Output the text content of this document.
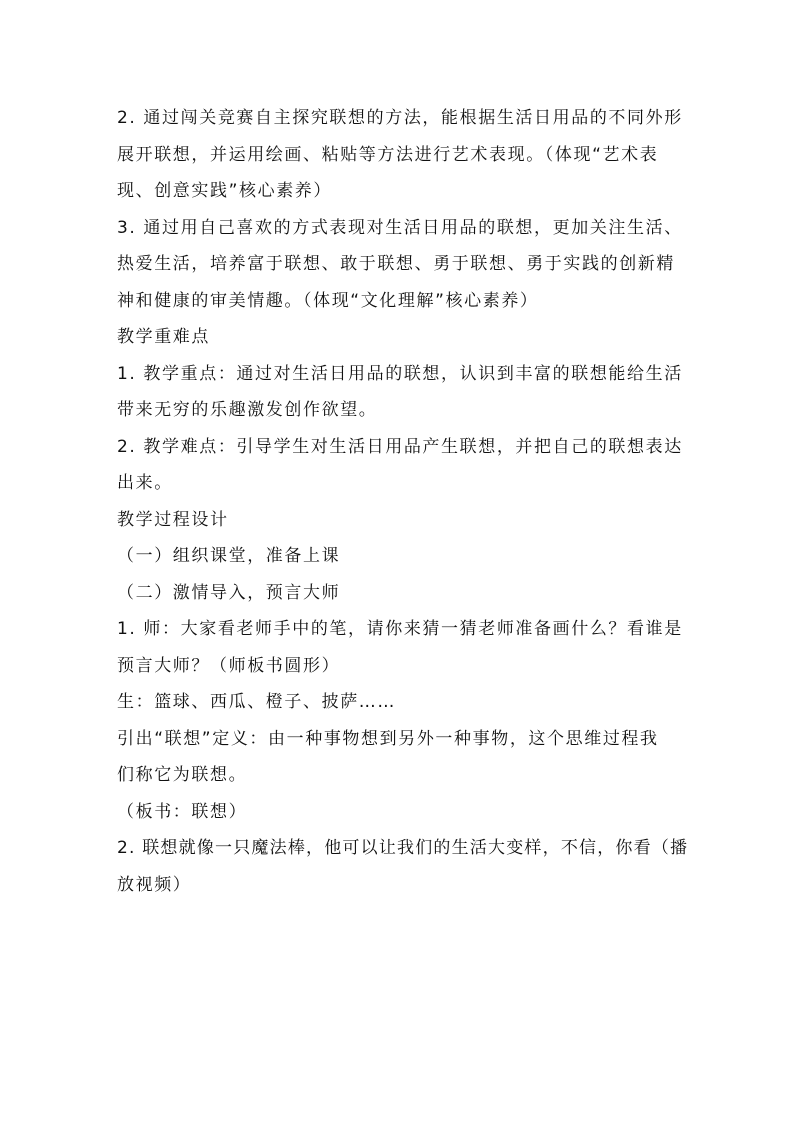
2. 通过闯关竞赛自主探究联想的方法，能根据生活日用品的不同外形
展开联想，并运用绘画、粘贴等方法进行艺术表现。（体现“艺术表
现、创意实践”核心素养）
3. 通过用自己喜欢的方式表现对生活日用品的联想，更加关注生活、
热爱生活，培养富于联想、敢于联想、勇于联想、勇于实践的创新精
神和健康的审美情趣。（体现“文化理解”核心素养）
教学重难点
1. 教学重点：通过对生活日用品的联想，认识到丰富的联想能给生活
带来无穷的乐趣激发创作欲望。
2. 教学难点：引导学生对生活日用品产生联想，并把自己的联想表达
出来。
教学过程设计
（一）组织课堂，准备上课
（二）激情导入，预言大师
1. 师：大家看老师手中的笔，请你来猜一猜老师准备画什么？看谁是
预言大师？（师板书圆形）
生：篮球、西瓜、橙子、披萨……
引出“联想”定义：由一种事物想到另外一种事物，这个思维过程我
们称它为联想。
（板书：联想）
2. 联想就像一只魔法棒，他可以让我们的生活大变样，不信，你看（播
放视频）
